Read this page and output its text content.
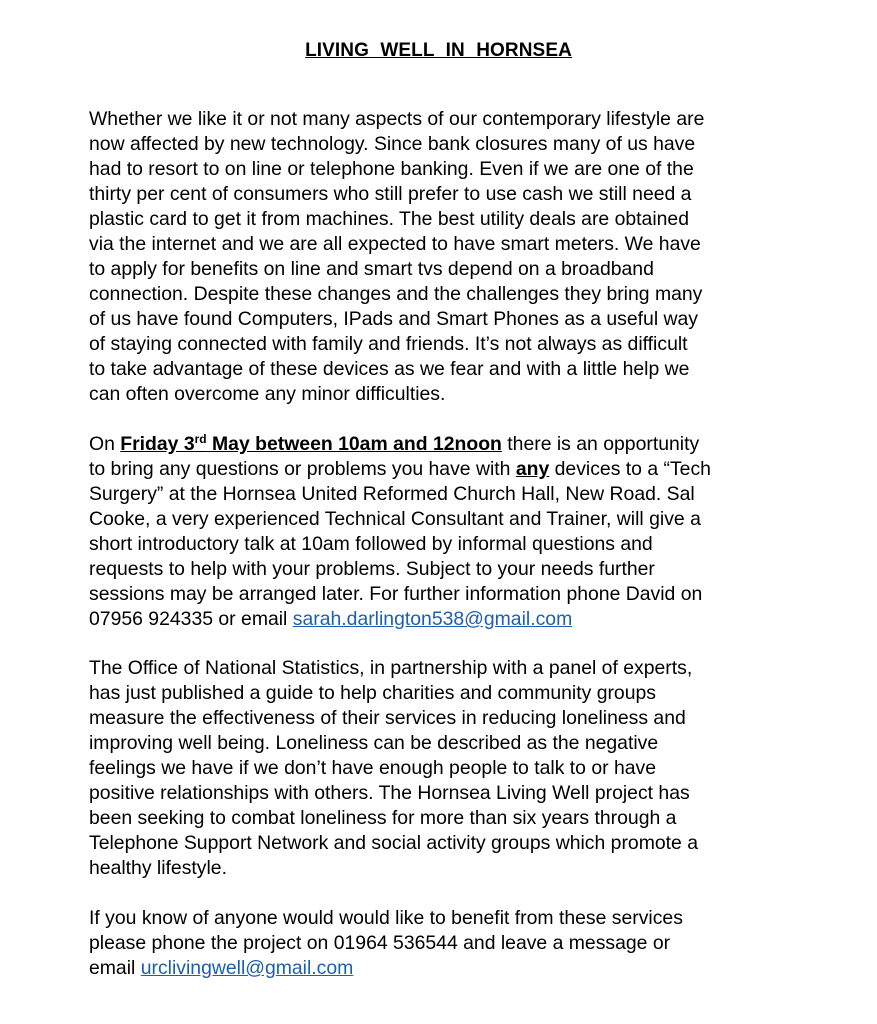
LIVING WELL IN HORNSEA

Whether we like it or not many aspects of our contemporary lifestyle are
now affected by new technology. Since bank closures many of us have
had to resort to on line or telephone banking. Even if we are one of the
thirty per cent of consumers who still prefer to use cash we still need a
plastic card to get it from machines. The best utility deals are obtained
via the internet and we are all expected to have smart meters. We have
to apply for benefits on line and smart tvs depend on a broadband
connection. Despite these changes and the challenges they bring many
of us have found Computers, IPads and Smart Phones as a useful way
of staying connected with family and friends. It’s not always as difficult
to take advantage of these devices as we fear and with a little help we
can often overcome any minor difficulties.

On Friday 3rd May between 10am and 12noon there is an opportunity
to bring any questions or problems you have with any devices to a “Tech
Surgery” at the Hornsea United Reformed Church Hall, New Road. Sal
Cooke, a very experienced Technical Consultant and Trainer, will give a
short introductory talk at 10am followed by informal questions and
requests to help with your problems. Subject to your needs further
sessions may be arranged later. For further information phone David on
07956 924335 or email sarah.darlington538@gmail.com

The Office of National Statistics, in partnership with a panel of experts,
has just published a guide to help charities and community groups
measure the effectiveness of their services in reducing loneliness and
improving well being. Loneliness can be described as the negative
feelings we have if we don’t have enough people to talk to or have
positive relationships with others. The Hornsea Living Well project has
been seeking to combat loneliness for more than six years through a
Telephone Support Network and social activity groups which promote a
healthy lifestyle.

If you know of anyone would would like to benefit from these services
please phone the project on 01964 536544 and leave a message or
email urclivingwell@gmail.com
